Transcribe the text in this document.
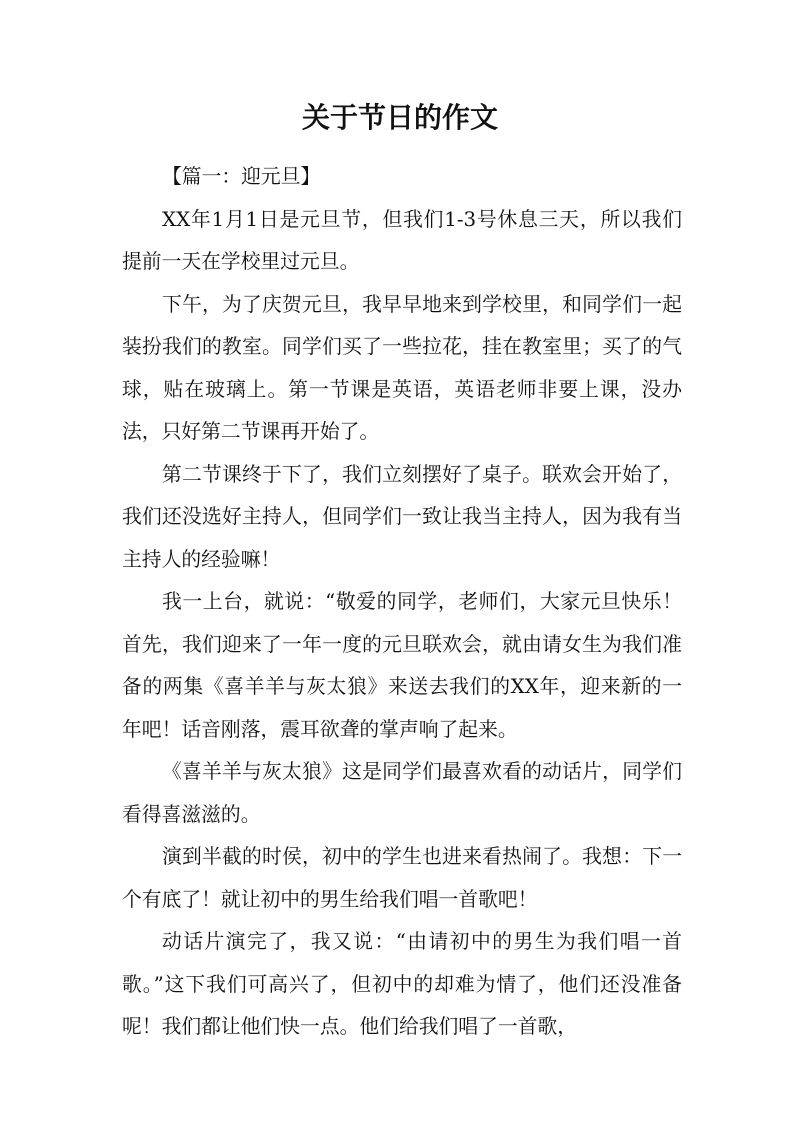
关于节日的作文

【篇一：迎元旦】

XX年1月1日是元旦节，但我们1-3号休息三天，所以我们提前一天在学校里过元旦。

下午，为了庆贺元旦，我早早地来到学校里，和同学们一起装扮我们的教室。同学们买了一些拉花，挂在教室里；买了的气球，贴在玻璃上。第一节课是英语，英语老师非要上课，没办法，只好第二节课再开始了。

第二节课终于下了，我们立刻摆好了桌子。联欢会开始了，我们还没选好主持人，但同学们一致让我当主持人，因为我有当主持人的经验嘛！

我一上台，就说：“敬爱的同学，老师们，大家元旦快乐！首先，我们迎来了一年一度的元旦联欢会，就由请女生为我们准备的两集《喜羊羊与灰太狼》来送去我们的XX年，迎来新的一年吧！话音刚落，震耳欲聋的掌声响了起来。

《喜羊羊与灰太狼》这是同学们最喜欢看的动话片，同学们看得喜滋滋的。

演到半截的时侯，初中的学生也进来看热闹了。我想：下一个有底了！就让初中的男生给我们唱一首歌吧！

动话片演完了，我又说：“由请初中的男生为我们唱一首歌。”这下我们可高兴了，但初中的却难为情了，他们还没准备呢！我们都让他们快一点。他们给我们唱了一首歌，
